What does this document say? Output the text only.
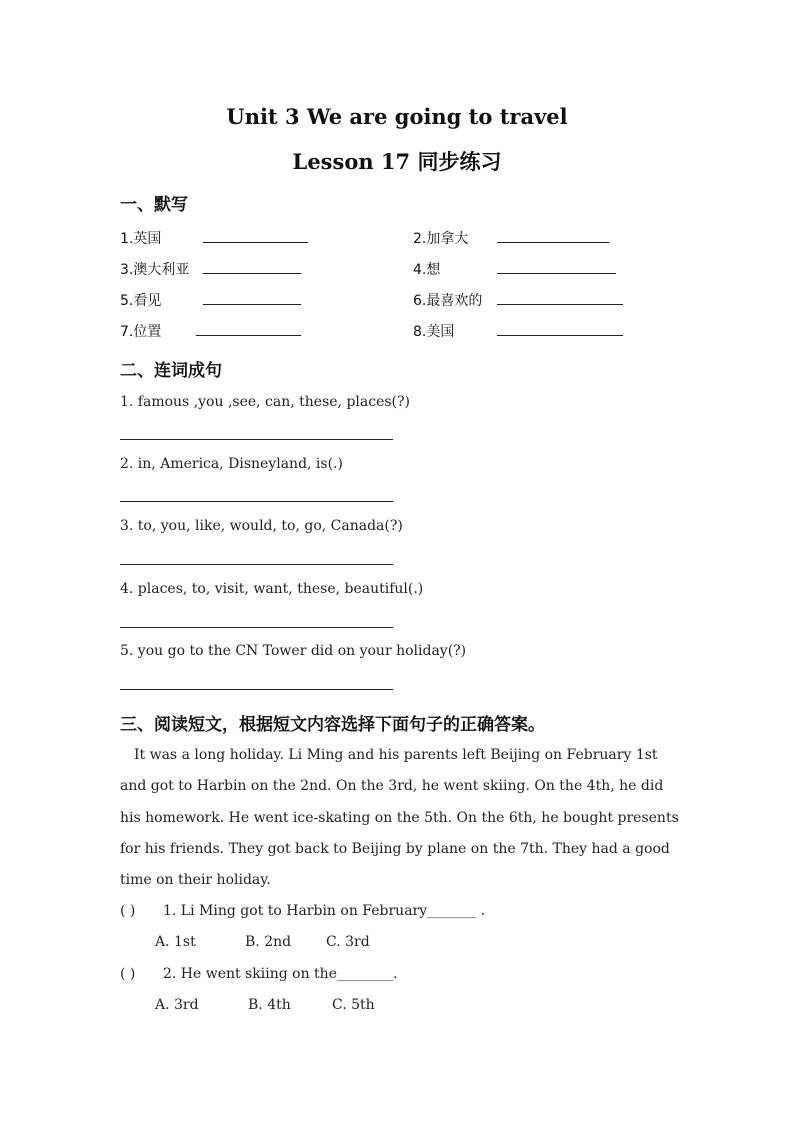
Unit 3 We are going to travel
Lesson 17 同步练习
一、默写
1.英国	2.加拿大
3.澳大利亚	4.想
5.看见	6.最喜欢的
7.位置	8.美国
二、连词成句
1. famous ,you ,see, can, these, places(?)
2. in, America, Disneyland, is(.)
3. to, you, like, would, to, go, Canada(?)
4. places, to, visit, want, these, beautiful(.)
5. you go to the CN Tower did on your holiday(?)
三、阅读短文，根据短文内容选择下面句子的正确答案。
It was a long holiday. Li Ming and his parents left Beijing on February 1st and got to Harbin on the 2nd. On the 3rd, he went skiing. On the 4th, he did his homework. He went ice-skating on the 5th. On the 6th, he bought presents for his friends. They got back to Beijing by plane on the 7th. They had a good time on their holiday.
( ) 1. Li Ming got to Harbin on February_______ .
A. 1st	B. 2nd C. 3rd
( ) 2. He went skiing on the________.
A. 3rd	B. 4th	C. 5th
